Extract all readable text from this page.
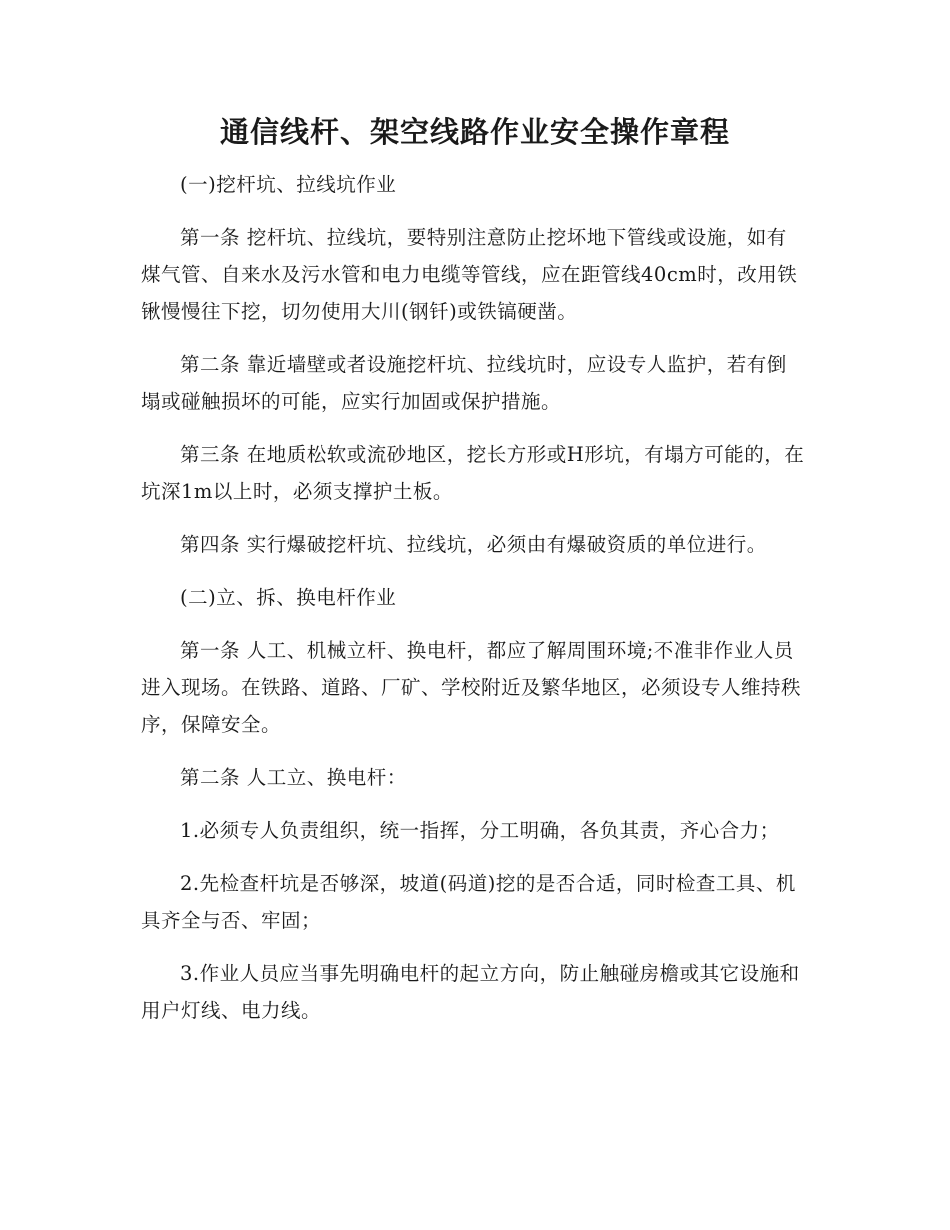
通信线杆、架空线路作业安全操作章程

(一)挖杆坑、拉线坑作业

第一条 挖杆坑、拉线坑，要特别注意防止挖坏地下管线或设施，如有煤气管、自来水及污水管和电力电缆等管线，应在距管线40cm时，改用铁锹慢慢往下挖，切勿使用大川(钢钎)或铁镐硬凿。

第二条 靠近墙壁或者设施挖杆坑、拉线坑时，应设专人监护，若有倒塌或碰触损坏的可能，应实行加固或保护措施。

第三条 在地质松软或流砂地区，挖长方形或H形坑，有塌方可能的，在坑深1m以上时，必须支撑护土板。

第四条 实行爆破挖杆坑、拉线坑，必须由有爆破资质的单位进行。

(二)立、拆、换电杆作业

第一条 人工、机械立杆、换电杆，都应了解周围环境;不准非作业人员进入现场。在铁路、道路、厂矿、学校附近及繁华地区，必须设专人维持秩序，保障安全。

第二条 人工立、换电杆：

1.必须专人负责组织，统一指挥，分工明确，各负其责，齐心合力；

2.先检查杆坑是否够深，坡道(码道)挖的是否合适，同时检查工具、机具齐全与否、牢固；

3.作业人员应当事先明确电杆的起立方向，防止触碰房檐或其它设施和用户灯线、电力线。
